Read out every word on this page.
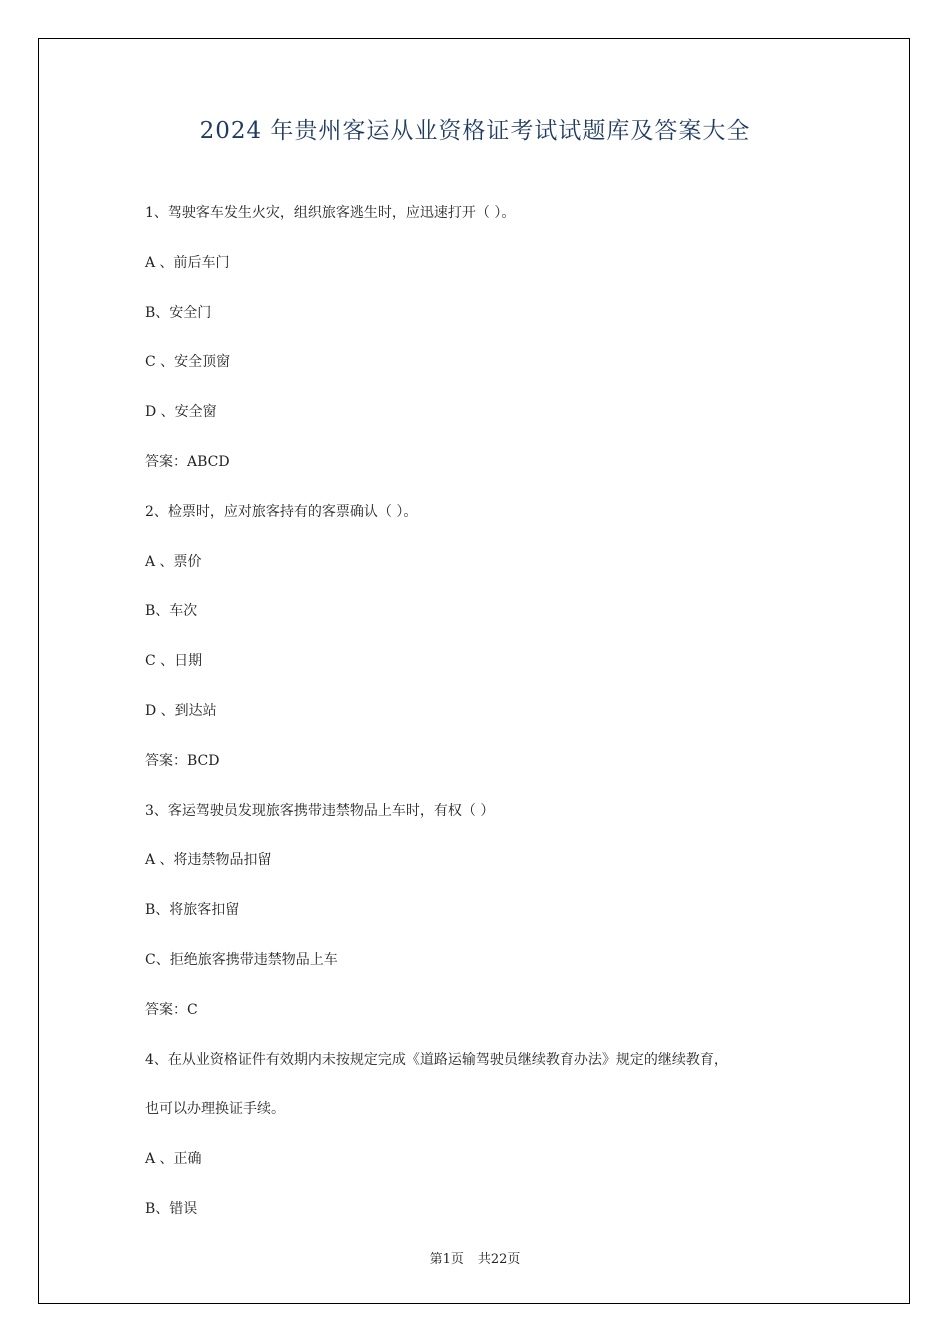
2024 年贵州客运从业资格证考试试题库及答案大全

1、驾驶客车发生火灾，组织旅客逃生时，应迅速打开（ ）。

A 、前后车门

B、安全门

C 、安全顶窗

D 、安全窗

答案：ABCD

2、检票时，应对旅客持有的客票确认（ ）。

A 、票价

B、车次

C 、日期

D 、到达站

答案：BCD

3、客运驾驶员发现旅客携带违禁物品上车时，有权（ ）

A 、将违禁物品扣留

B、将旅客扣留

C、拒绝旅客携带违禁物品上车

答案：C

4、在从业资格证件有效期内未按规定完成《道路运输驾驶员继续教育办法》规定的继续教育，

也可以办理换证手续。

A 、正确

B、错误

第1页 共22页
